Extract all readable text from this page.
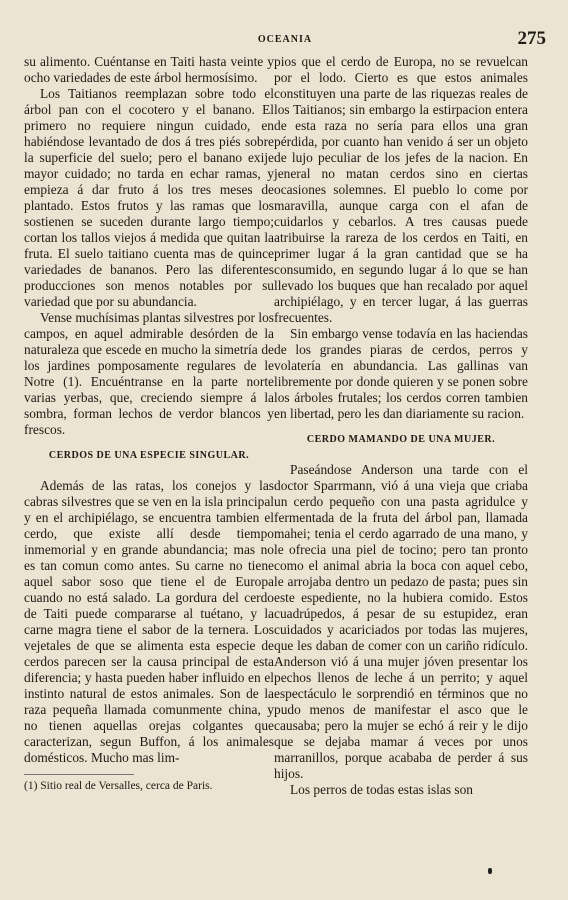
OCEANIA	275

su alimento. Cuéntanse en Taiti hasta veinte y ocho variedades de este árbol hermosísimo.

Los Taitianos reemplazan sobre todo el árbol pan con el cocotero y el banano. El primero no requiere ningun cuidado, en habiéndose levantado de dos á tres piés sobre la superficie del suelo; pero el banano exije mayor cuidado; no tarda en echar ramas, y empieza á dar fruto á los tres meses de plantado. Estos frutos y las ramas que los sostienen se suceden durante largo tiempo; cortan los tallos viejos á medida que quitan la fruta. El suelo taitiano cuenta mas de quince variedades de bananos. Pero las diferentes producciones son menos notables por su variedad que por su abundancia.

Vense muchísimas plantas silvestres por los campos, en aquel admirable desórden de la naturaleza que escede en mucho la simetría de los jardines pomposamente regulares de le Notre (1). Encuéntranse en la parte norte varias yerbas, que, creciendo siempre á la sombra, forman lechos de verdor blancos y frescos.

CERDOS DE UNA ESPECIE SINGULAR.

Además de las ratas, los conejos y las cabras silvestres que se ven en la isla principal y en el archipiélago, se encuentra tambien el cerdo, que existe allí desde tiempo inmemorial y en grande abundancia; mas no es tan comun como antes. Su carne no tiene aquel sabor soso que tiene el de Europa cuando no está salado. La gordura del cerdo de Taiti puede compararse al tuétano, y la carne magra tiene el sabor de la ternera. Los vejetales de que se alimenta esta especie de cerdos parecen ser la causa principal de esta diferencia; y hasta pueden haber influido en el instinto natural de estos animales. Son de la raza pequeña llamada comunmente china, y no tienen aquellas orejas colgantes que caracterizan, segun Buffon, á los animales domésticos. Mucho mas lim-

(1) Sitio real de Versalles, cerca de Paris.

pios que el cerdo de Europa, no se revuelcan por el lodo. Cierto es que estos animales constituyen una parte de las riquezas reales de los Taitianos; sin embargo la estirpacion entera de esta raza no sería para ellos una gran pérdida, por cuanto han venido á ser un objeto de lujo peculiar de los jefes de la nacion. En jeneral no matan cerdos sino en ciertas ocasiones solemnes. El pueblo lo come por maravilla, aunque carga con el afan de cuidarlos y cebarlos. A tres causas puede atribuirse la rareza de los cerdos en Taiti, en primer lugar á la gran cantidad que se ha consumido, en segundo lugar á lo que se han llevado los buques que han recalado por aquel archipiélago, y en tercer lugar, á las guerras frecuentes.

Sin embargo vense todavía en las haciendas de los grandes piaras de cerdos, perros y volatería en abundancia. Las gallinas van libremente por donde quieren y se ponen sobre los árboles frutales; los cerdos corren tambien en libertad, pero les dan diariamente su racion.

CERDO MAMANDO DE UNA MUJER.

Paseándose Anderson una tarde con el doctor Sparrmann, vió á una vieja que criaba un cerdo pequeño con una pasta agridulce y fermentada de la fruta del árbol pan, llamada mahei; tenia el cerdo agarrado de una mano, y le ofrecia una piel de tocino; pero tan pronto como el animal abria la boca con aquel cebo, le arrojaba dentro un pedazo de pasta; pues sin este espediente, no la hubiera comido. Estos cuadrúpedos, á pesar de su estupidez, eran cuidados y acariciados por todas las mujeres, que les daban de comer con un cariño ridículo. Anderson vió á una mujer jóven presentar los pechos llenos de leche á un perrito; y aquel espectáculo le sorprendió en términos que no pudo menos de manifestar el asco que le causaba; pero la mujer se echó á reir y le dijo que se dejaba mamar á veces por unos marranillos, porque acababa de perder á sus hijos.

Los perros de todas estas islas son
